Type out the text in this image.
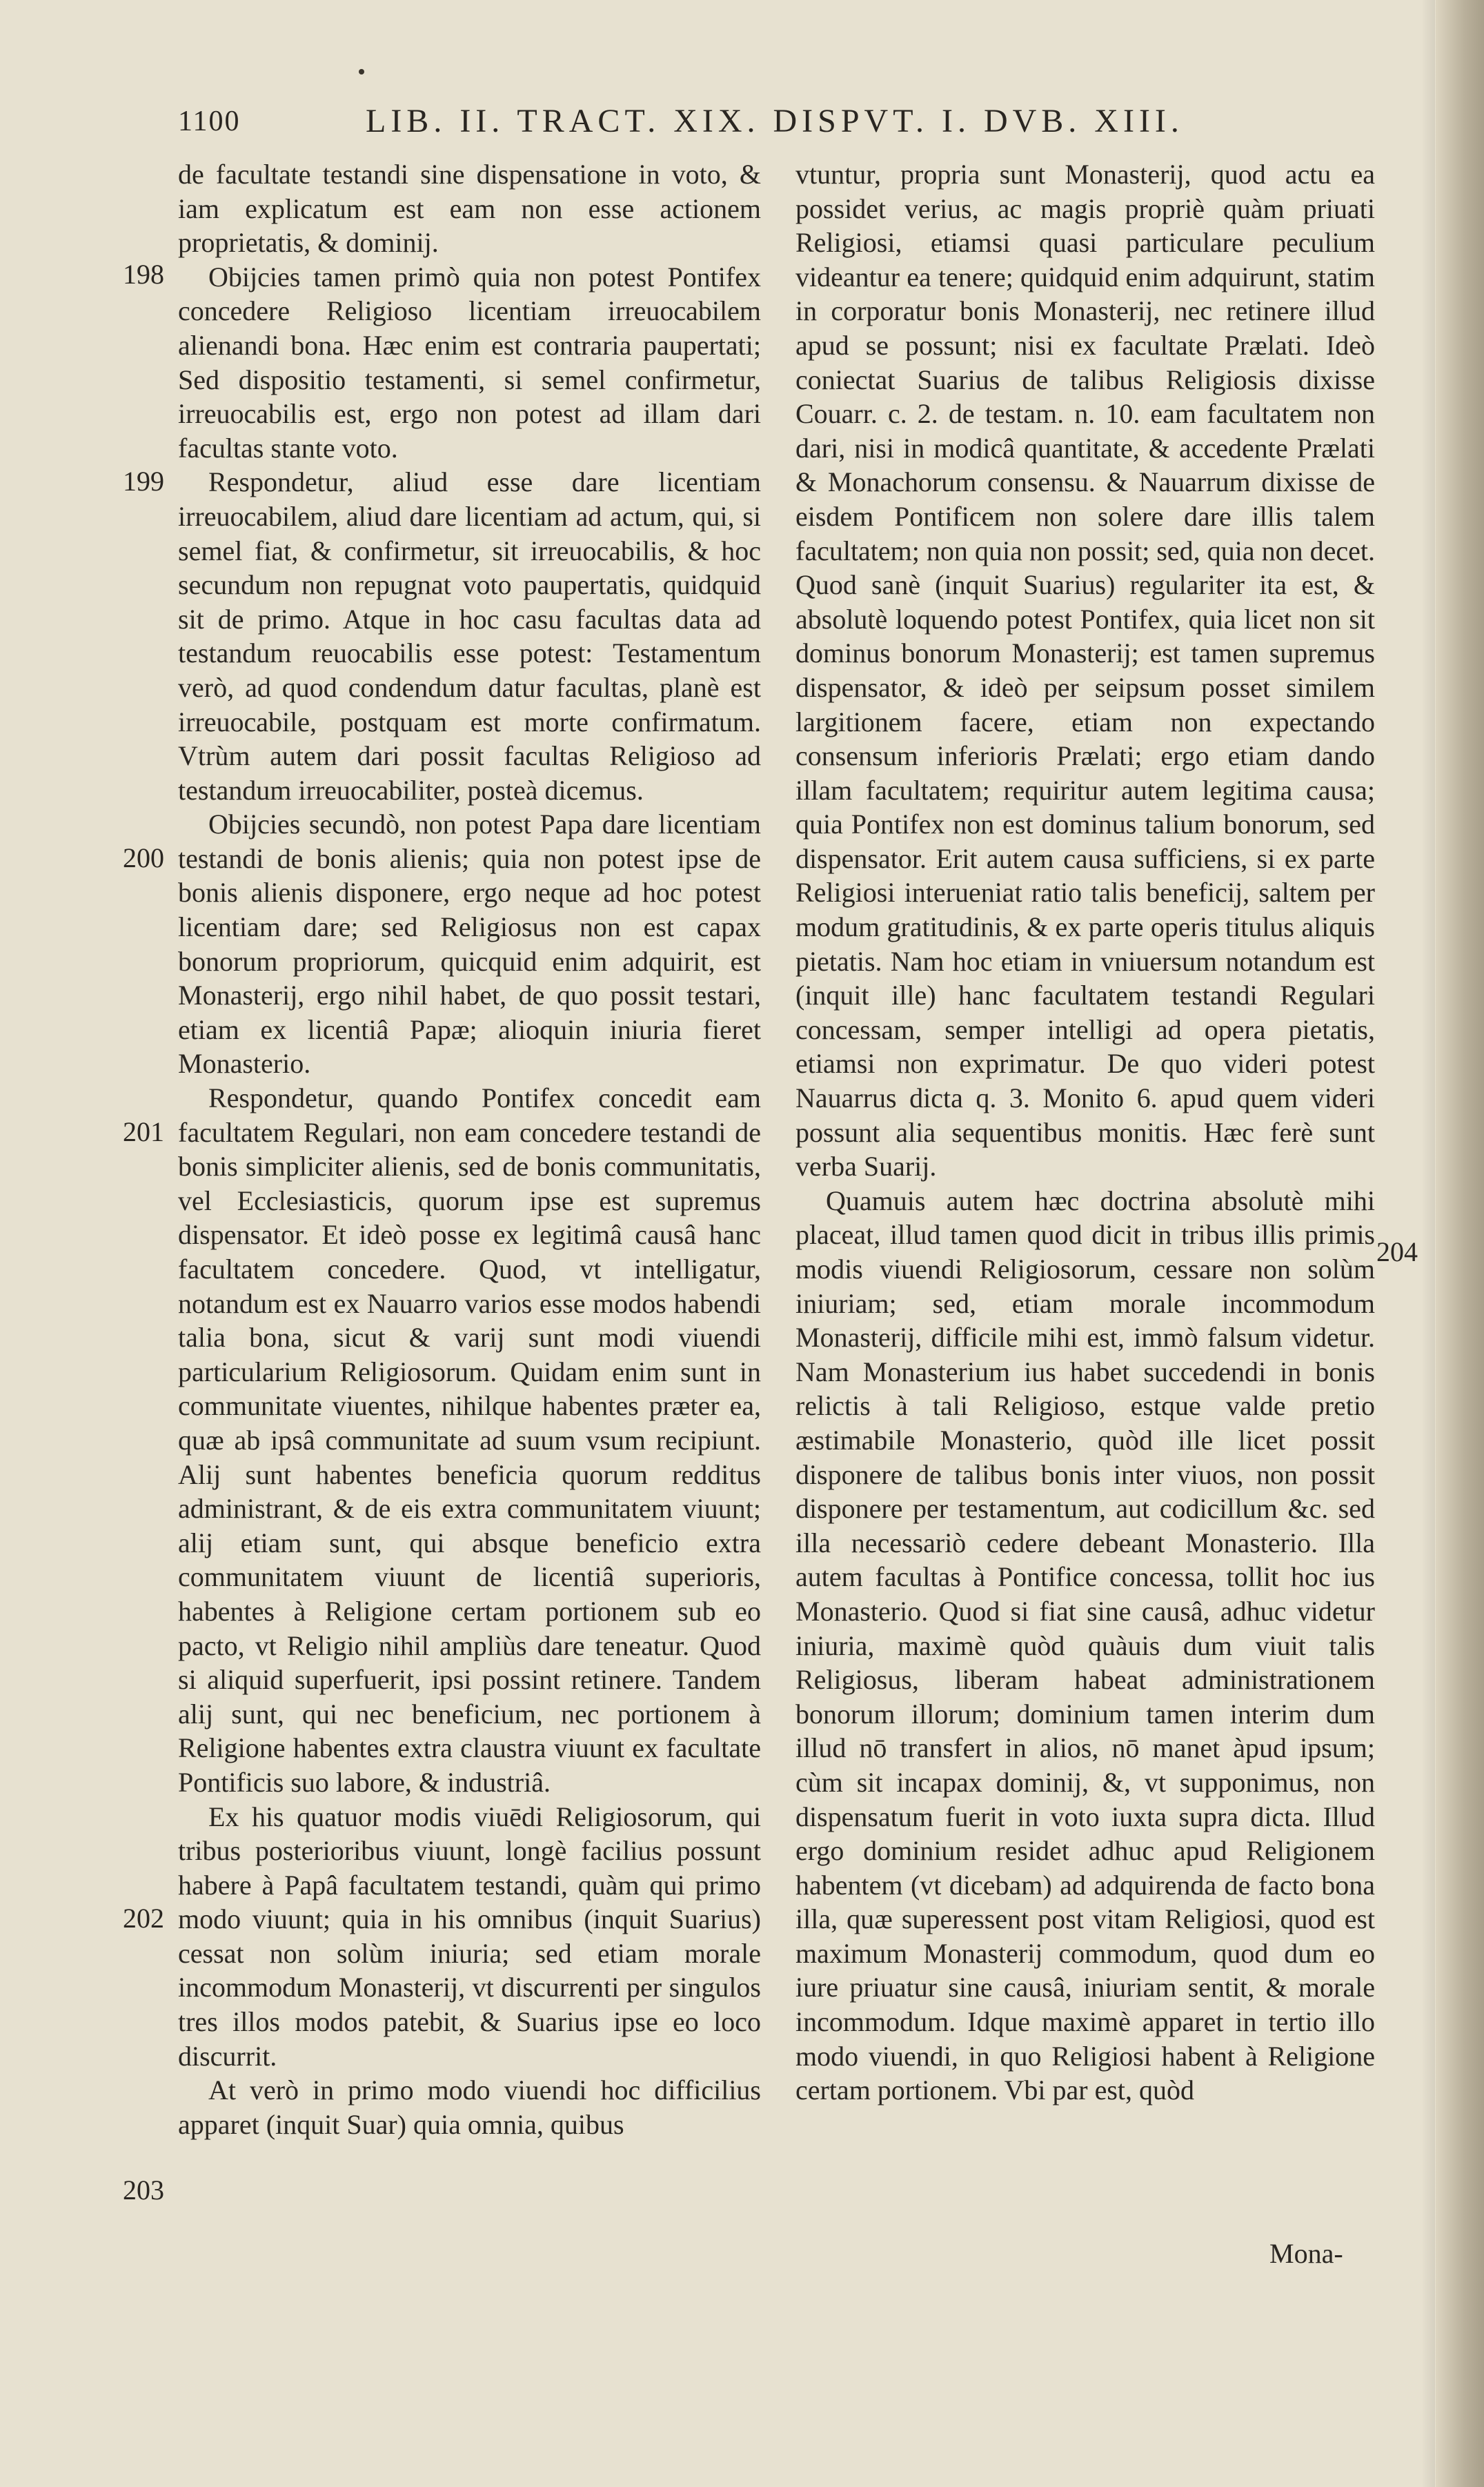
1100	LIB. II. TRACT. XIX. DISPVT. I. DVB. XIII.
198
199
200
201
202
203
204

de facultate testandi sine dispensatione in voto, & iam explicatum est eam non esse actionem proprietatis, & dominij.

Obijcies tamen primò quia non potest Pontifex concedere Religioso licentiam irreuocabilem alienandi bona. Hæc enim est contraria paupertati; Sed dispositio testamenti, si semel confirmetur, irreuocabilis est, ergo non potest ad illam dari facultas stante voto.

Respondetur, aliud esse dare licentiam irreuocabilem, aliud dare licentiam ad actum, qui, si semel fiat, & confirmetur, sit irreuocabilis, & hoc secundum non repugnat voto paupertatis, quidquid sit de primo. Atque in hoc casu facultas data ad testandum reuocabilis esse potest: Testamentum verò, ad quod condendum datur facultas, planè est irreuocabile, postquam est morte confirmatum. Vtrùm autem dari possit facultas Religioso ad testandum irreuocabiliter, posteà dicemus.

Obijcies secundò, non potest Papa dare licentiam testandi de bonis alienis; quia non potest ipse de bonis alienis disponere, ergo neque ad hoc potest licentiam dare; sed Religiosus non est capax bonorum propriorum, quicquid enim adquirit, est Monasterij, ergo nihil habet, de quo possit testari, etiam ex licentiâ Papæ; alioquin iniuria fieret Monasterio.

Respondetur, quando Pontifex concedit eam facultatem Regulari, non eam concedere testandi de bonis simpliciter alienis, sed de bonis communitatis, vel Ecclesiasticis, quorum ipse est supremus dispensator. Et ideò posse ex legitimâ causâ hanc facultatem concedere. Quod, vt intelligatur, notandum est ex Nauarro varios esse modos habendi talia bona, sicut & varij sunt modi viuendi particularium Religiosorum. Quidam enim sunt in communitate viuentes, nihilque habentes præter ea, quæ ab ipsâ communitate ad suum vsum recipiunt. Alij sunt habentes beneficia quorum redditus administrant, & de eis extra communitatem viuunt; alij etiam sunt, qui absque beneficio extra communitatem viuunt de licentiâ superioris, habentes à Religione certam portionem sub eo pacto, vt Religio nihil ampliùs dare teneatur. Quod si aliquid superfuerit, ipsi possint retinere. Tandem alij sunt, qui nec beneficium, nec portionem à Religione habentes extra claustra viuunt ex facultate Pontificis suo labore, & industriâ.

Ex his quatuor modis viuēdi Religiosorum, qui tribus posterioribus viuunt, longè facilius possunt habere à Papâ facultatem testandi, quàm qui primo modo viuunt; quia in his omnibus (inquit Suarius) cessat non solùm iniuria; sed etiam morale incommodum Monasterij, vt discurrenti per singulos tres illos modos patebit, & Suarius ipse eo loco discurrit.

At verò in primo modo viuendi hoc difficilius apparet (inquit Suar) quia omnia, quibus

vtuntur, propria sunt Monasterij, quod actu ea possidet verius, ac magis propriè quàm priuati Religiosi, etiamsi quasi particulare peculium videantur ea tenere; quidquid enim adquirunt, statim in corporatur bonis Monasterij, nec retinere illud apud se possunt; nisi ex facultate Prælati. Ideò coniectat Suarius de talibus Religiosis dixisse Couarr. c. 2. de testam. n. 10. eam facultatem non dari, nisi in modicâ quantitate, & accedente Prælati & Monachorum consensu. & Nauarrum dixisse de eisdem Pontificem non solere dare illis talem facultatem; non quia non possit; sed, quia non decet. Quod sanè (inquit Suarius) regulariter ita est, & absolutè loquendo potest Pontifex, quia licet non sit dominus bonorum Monasterij; est tamen supremus dispensator, & ideò per seipsum posset similem largitionem facere, etiam non expectando consensum inferioris Prælati; ergo etiam dando illam facultatem; requiritur autem legitima causa; quia Pontifex non est dominus talium bonorum, sed dispensator. Erit autem causa sufficiens, si ex parte Religiosi interueniat ratio talis beneficij, saltem per modum gratitudinis, & ex parte operis titulus aliquis pietatis. Nam hoc etiam in vniuersum notandum est (inquit ille) hanc facultatem testandi Regulari concessam, semper intelligi ad opera pietatis, etiamsi non exprimatur. De quo videri potest Nauarrus dicta q. 3. Monito 6. apud quem videri possunt alia sequentibus monitis. Hæc ferè sunt verba Suarij.

Quamuis autem hæc doctrina absolutè mihi placeat, illud tamen quod dicit in tribus illis primis modis viuendi Religiosorum, cessare non solùm iniuriam; sed, etiam morale incommodum Monasterij, difficile mihi est, immò falsum videtur. Nam Monasterium ius habet succedendi in bonis relictis à tali Religioso, estque valde pretio æstimabile Monasterio, quòd ille licet possit disponere de talibus bonis inter viuos, non possit disponere per testamentum, aut codicillum &c. sed illa necessariò cedere debeant Monasterio. Illa autem facultas à Pontifice concessa, tollit hoc ius Monasterio. Quod si fiat sine causâ, adhuc videtur iniuria, maximè quòd quàuis dum viuit talis Religiosus, liberam habeat administrationem bonorum illorum; dominium tamen interim dum illud nō transfert in alios, nō manet àpud ipsum; cùm sit incapax dominij, &, vt supponimus, non dispensatum fuerit in voto iuxta supra dicta. Illud ergo dominium residet adhuc apud Religionem habentem (vt dicebam) ad adquirenda de facto bona illa, quæ superessent post vitam Religiosi, quod est maximum Monasterij commodum, quod dum eo iure priuatur sine causâ, iniuriam sentit, & morale incommodum. Idque maximè apparet in tertio illo modo viuendi, in quo Religiosi habent à Religione certam portionem. Vbi par est, quòd

Mona-
